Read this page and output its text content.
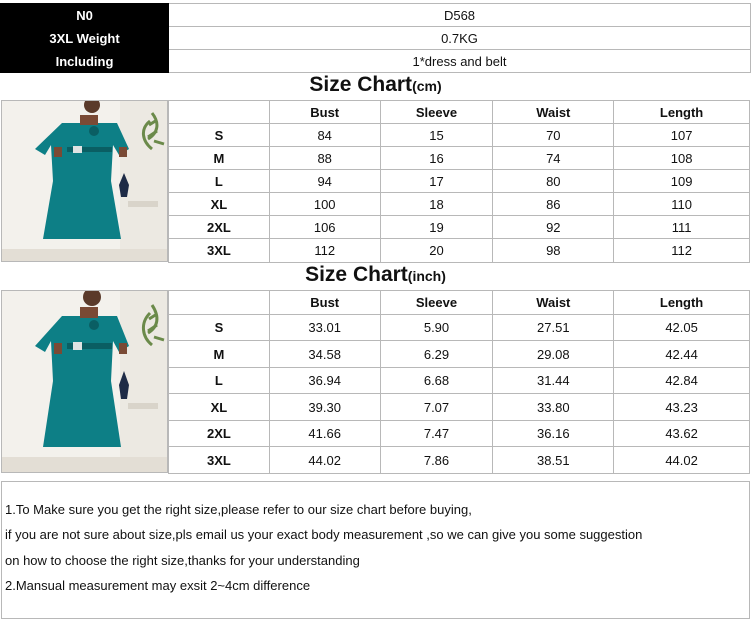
N0	D568
3XL Weight	0.7KG
Including	1*dress and belt
Size Chart(cm)
	Bust	Sleeve	Waist	Length
S	84	15	70	107
M	88	16	74	108
L	94	17	80	109
XL	100	18	86	110
2XL	106	19	92	111
3XL	112	20	98	112
Size Chart(inch)
	Bust	Sleeve	Waist	Length
S	33.01	5.90	27.51	42.05
M	34.58	6.29	29.08	42.44
L	36.94	6.68	31.44	42.84
XL	39.30	7.07	33.80	43.23
2XL	41.66	7.47	36.16	43.62
3XL	44.02	7.86	38.51	44.02

1.To Make sure you get the right size,please refer to our size chart before buying,

if you are not sure about size,pls email us your exact body measurement ,so we can give you some suggestion

on how to choose the right size,thanks for your understanding

2.Mansual measurement may exsit 2~4cm difference
